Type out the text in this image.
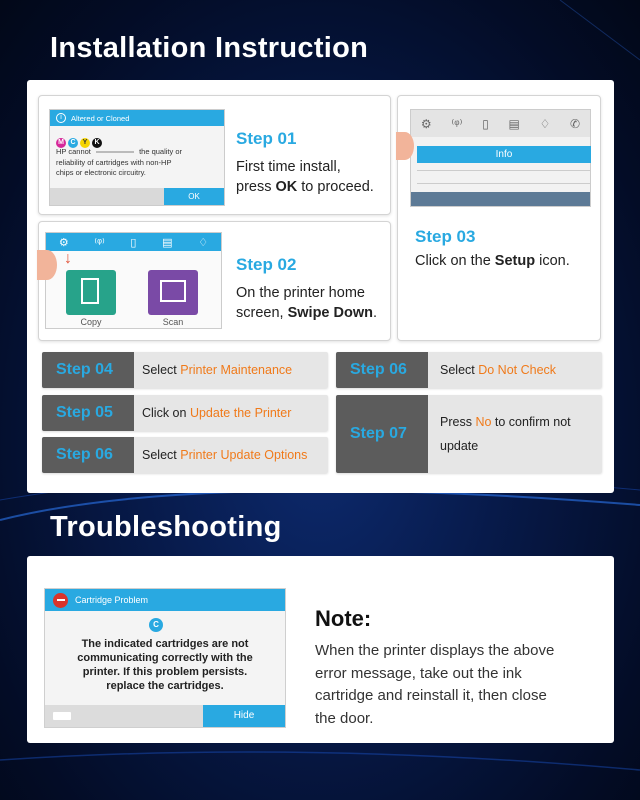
Installation Instruction
i	Altered or Cloned
M C Y K
HP cannot	the quality or
reliability of cartridges with non-HP
chips or electronic circuitry.
OK
Step 01
First time install,
press OK to proceed.
⚙ ⁽ᵠ⁾ ▯ ▤ ♢ ✆
Info
Step 03
Click on the Setup icon.
⚙ ⁽ᵠ⁾ ▯ ▤ ♢
↓
Copy	Scan
Step 02
On the printer home
screen, Swipe Down.
Step 04	Select
Printer Maintenance
Step 05	Click on
Update the Printer
Step 06	Select
Printer Update Options
Step 06	Select
Do Not Check
Step 07
Press No to confirm not
update
Troubleshooting
Cartridge Problem
C
The indicated cartridges are not
communicating correctly with the
printer. If this problem persists.
replace the cartridges.
Hide
Note:
When the printer displays the above
error message, take out the ink
cartridge and reinstall it, then close
the door.
